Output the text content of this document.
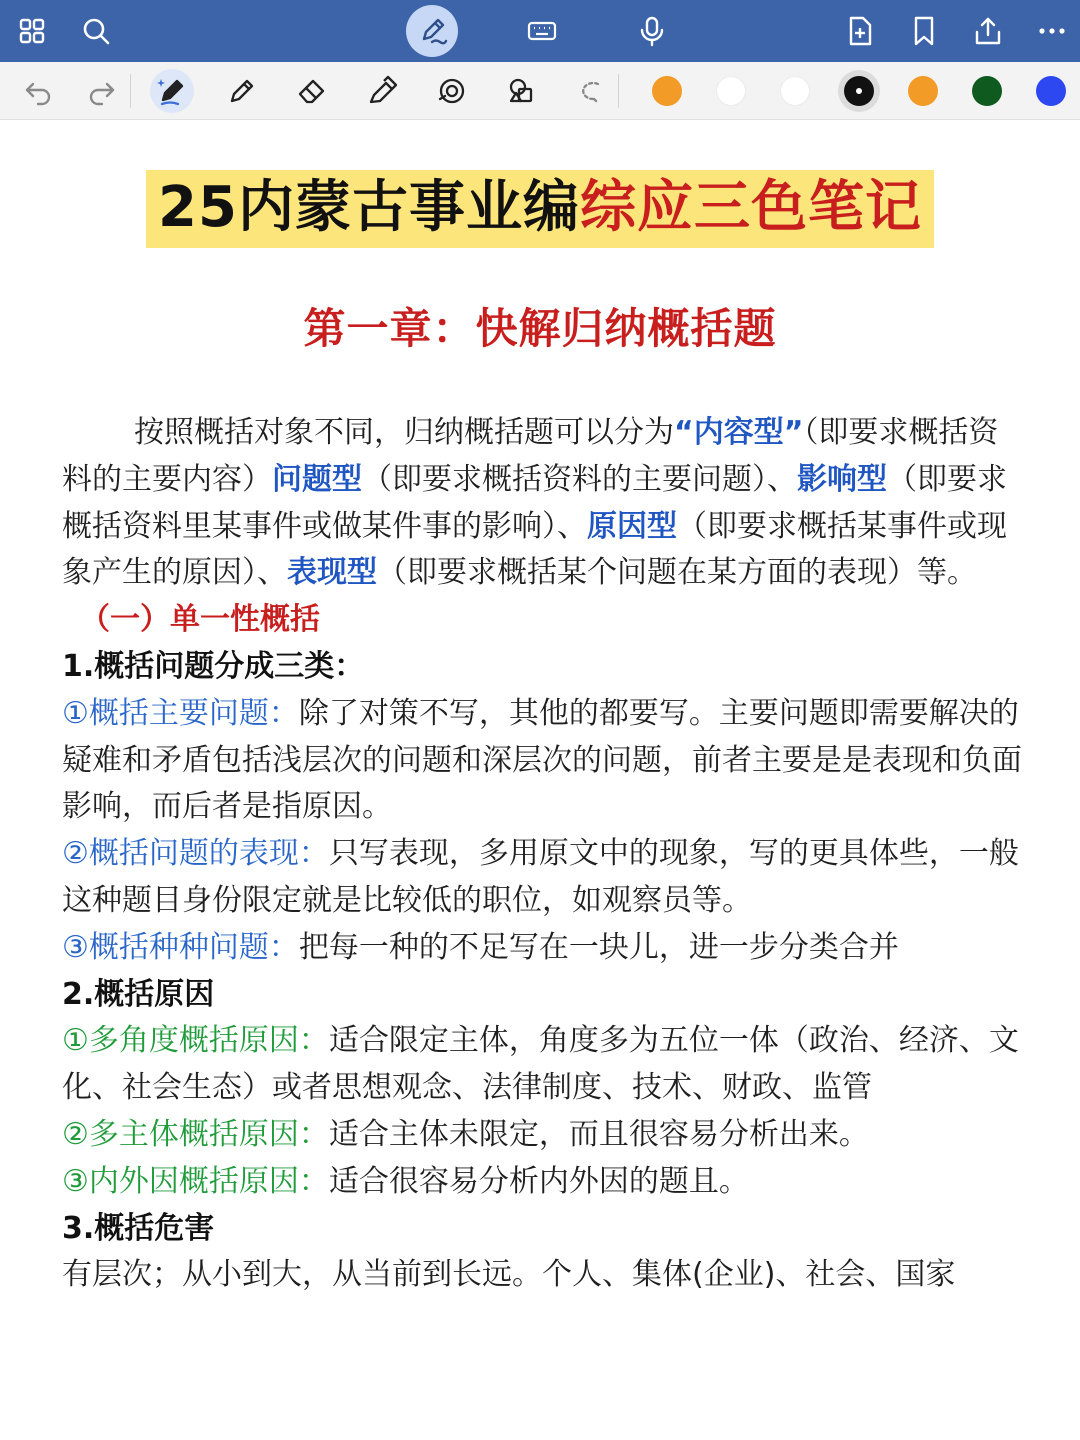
25内蒙古事业编综应三色笔记
第一章：快解归纳概括题

按照概括对象不同，归纳概括题可以分为“内容型”（即要求概括资料的主要内容）问题型（即要求概括资料的主要问题）、影响型（即要求概括资料里某事件或做某件事的影响）、原因型（即要求概括某事件或现象产生的原因）、表现型（即要求概括某个问题在某方面的表现）等。

（一）单一性概括

1.概括问题分成三类：

①概括主要问题：除了对策不写，其他的都要写。主要问题即需要解决的疑难和矛盾包括浅层次的问题和深层次的问题，前者主要是是表现和负面影响，而后者是指原因。

②概括问题的表现：只写表现，多用原文中的现象，写的更具体些，一般这种题目身份限定就是比较低的职位，如观察员等。

③概括种种问题：把每一种的不足写在一块儿，进一步分类合并

2.概括原因

①多角度概括原因：适合限定主体，角度多为五位一体（政治、经济、文化、社会生态）或者思想观念、法律制度、技术、财政、监管

②多主体概括原因：适合主体未限定，而且很容易分析出来。

③内外因概括原因：适合很容易分析内外因的题且。

3.概括危害

有层次；从小到大，从当前到长远。个人、集体(企业)、社会、国家
